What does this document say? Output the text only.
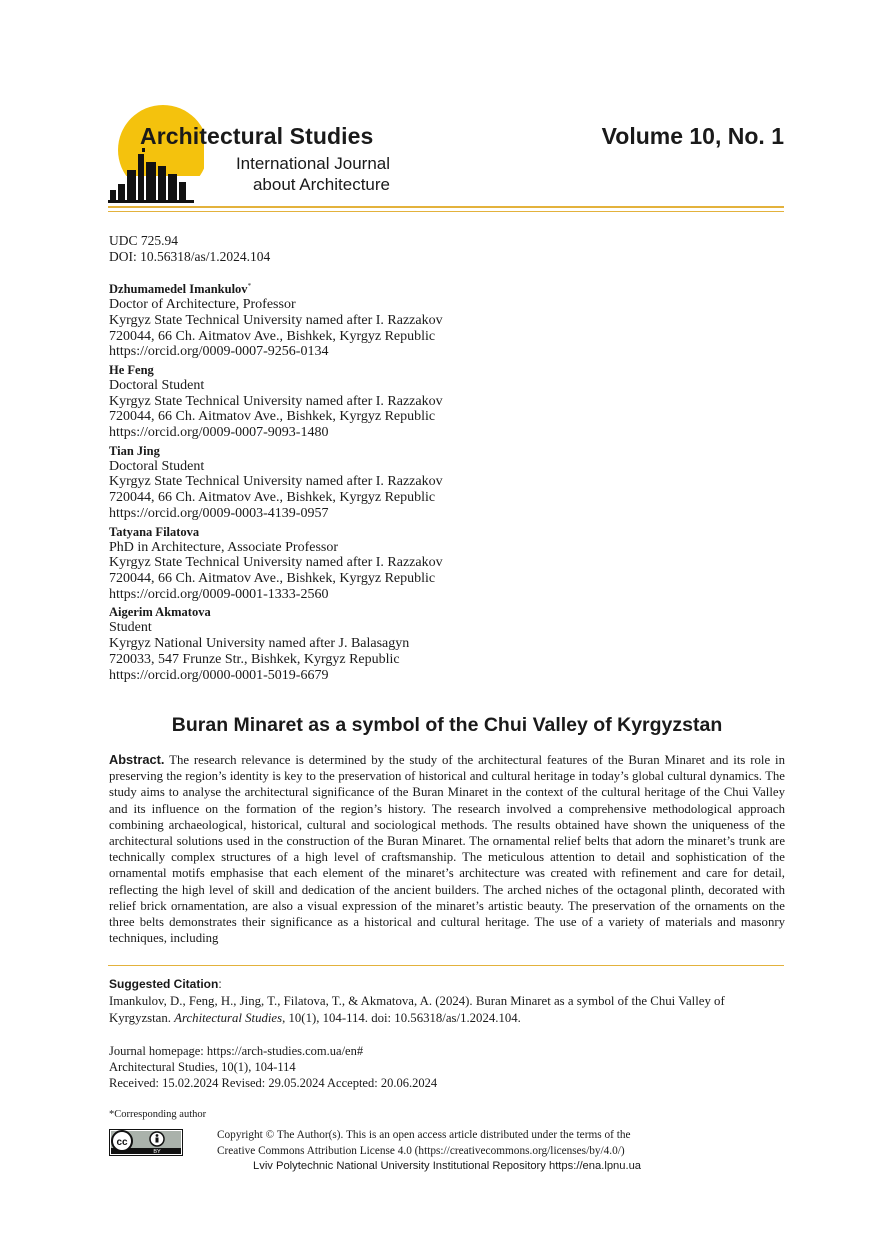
Architectural Studies
International Journal
about Architecture
Volume 10, No. 1
UDC 725.94
DOI: 10.56318/as/1.2024.104
Dzhumamedel Imankulov*
Doctor of Architecture, Professor
Kyrgyz State Technical University named after I. Razzakov
720044, 66 Ch. Aitmatov Ave., Bishkek, Kyrgyz Republic
https://orcid.org/0009-0007-9256-0134
He Feng
Doctoral Student
Kyrgyz State Technical University named after I. Razzakov
720044, 66 Ch. Aitmatov Ave., Bishkek, Kyrgyz Republic
https://orcid.org/0009-0007-9093-1480
Tian Jing
Doctoral Student
Kyrgyz State Technical University named after I. Razzakov
720044, 66 Ch. Aitmatov Ave., Bishkek, Kyrgyz Republic
https://orcid.org/0009-0003-4139-0957
Tatyana Filatova
PhD in Architecture, Associate Professor
Kyrgyz State Technical University named after I. Razzakov
720044, 66 Ch. Aitmatov Ave., Bishkek, Kyrgyz Republic
https://orcid.org/0009-0001-1333-2560
Aigerim Akmatova
Student
Kyrgyz National University named after J. Balasagyn
720033, 547 Frunze Str., Bishkek, Kyrgyz Republic
https://orcid.org/0000-0001-5019-6679
Buran Minaret as a symbol of the Chui Valley of Kyrgyzstan
Abstract. The research relevance is determined by the study of the architectural features of the Buran Minaret and its role in preserving the region’s identity is key to the preservation of historical and cultural heritage in today’s global cultural dynamics. The study aims to analyse the architectural significance of the Buran Minaret in the context of the cultural heritage of the Chui Valley and its influence on the formation of the region’s history. The research involved a comprehensive methodological approach combining archaeological, historical, cultural and sociological methods. The results obtained have shown the uniqueness of the architectural solutions used in the construction of the Buran Minaret. The ornamental relief belts that adorn the minaret’s trunk are technically complex structures of a high level of craftsmanship. The meticulous attention to detail and sophistication of the ornamental motifs emphasise that each element of the minaret’s architecture was created with refinement and care for detail, reflecting the high level of skill and dedication of the ancient builders. The arched niches of the octagonal plinth, decorated with relief brick ornamentation, are also a visual expression of the minaret’s artistic beauty. The preservation of the ornaments on the three belts demonstrates their significance as a historical and cultural heritage. The use of a variety of materials and masonry techniques, including
Suggested Citation:
Imankulov, D., Feng, H., Jing, T., Filatova, T., & Akmatova, A. (2024). Buran Minaret as a symbol of the Chui Valley of Kyrgyzstan. Architectural Studies, 10(1), 104-114. doi: 10.56318/as/1.2024.104.
Journal homepage: https://arch-studies.com.ua/en#
Architectural Studies, 10(1), 104-114
Received: 15.02.2024 Revised: 29.05.2024 Accepted: 20.06.2024
*Corresponding author
cc
BY
Copyright © The Author(s). This is an open access article distributed under the terms of the
Creative Commons Attribution License 4.0 (https://creativecommons.org/licenses/by/4.0/)
Lviv Polytechnic National University Institutional Repository https://ena.lpnu.ua
